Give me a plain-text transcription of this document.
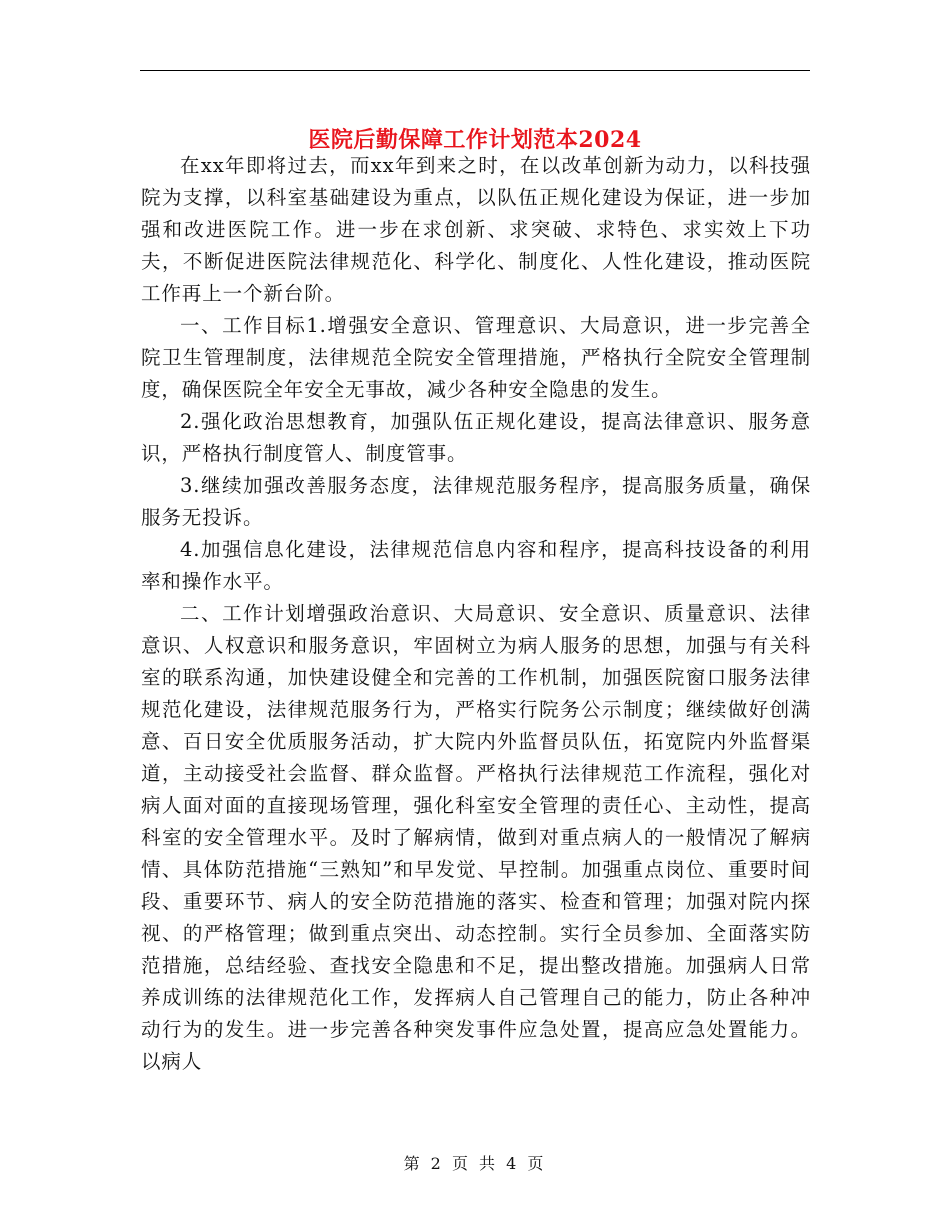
医院后勤保障工作计划范本2024

在xx年即将过去，而xx年到来之时，在以改革创新为动力，以科技强院为支撑，以科室基础建设为重点，以队伍正规化建设为保证，进一步加强和改进医院工作。进一步在求创新、求突破、求特色、求实效上下功夫，不断促进医院法律规范化、科学化、制度化、人性化建设，推动医院工作再上一个新台阶。

一、工作目标1.增强安全意识、管理意识、大局意识，进一步完善全院卫生管理制度，法律规范全院安全管理措施，严格执行全院安全管理制度，确保医院全年安全无事故，减少各种安全隐患的发生。

2.强化政治思想教育，加强队伍正规化建设，提高法律意识、服务意识，严格执行制度管人、制度管事。

3.继续加强改善服务态度，法律规范服务程序，提高服务质量，确保服务无投诉。

4.加强信息化建设，法律规范信息内容和程序，提高科技设备的利用率和操作水平。

二、工作计划增强政治意识、大局意识、安全意识、质量意识、法律意识、人权意识和服务意识，牢固树立为病人服务的思想，加强与有关科室的联系沟通，加快建设健全和完善的工作机制，加强医院窗口服务法律规范化建设，法律规范服务行为，严格实行院务公示制度；继续做好创满意、百日安全优质服务活动，扩大院内外监督员队伍，拓宽院内外监督渠道，主动接受社会监督、群众监督。严格执行法律规范工作流程，强化对病人面对面的直接现场管理，强化科室安全管理的责任心、主动性，提高科室的安全管理水平。及时了解病情，做到对重点病人的一般情况了解病情、具体防范措施“三熟知”和早发觉、早控制。加强重点岗位、重要时间段、重要环节、病人的安全防范措施的落实、检查和管理；加强对院内探视、的严格管理；做到重点突出、动态控制。实行全员参加、全面落实防范措施，总结经验、查找安全隐患和不足，提出整改措施。加强病人日常养成训练的法律规范化工作，发挥病人自己管理自己的能力，防止各种冲动行为的发生。进一步完善各种突发事件应急处置，提高应急处置能力。以病人

第 2 页 共 4 页
